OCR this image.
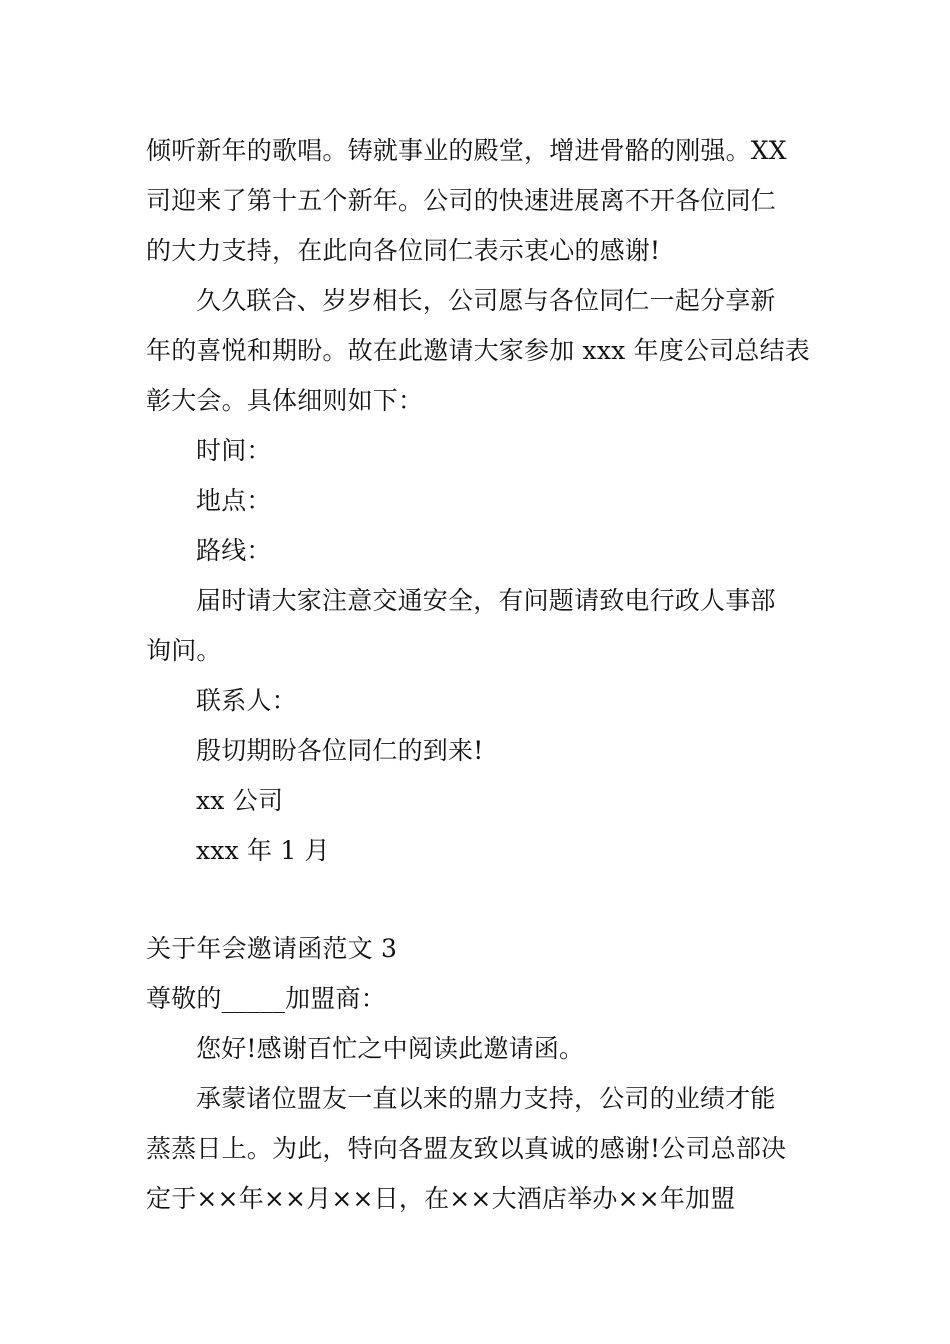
倾听新年的歌唱。铸就事业的殿堂，增进骨骼的刚强。XX
司迎来了第十五个新年。公司的快速进展离不开各位同仁
的大力支持，在此向各位同仁表示衷心的感谢!
久久联合、岁岁相长，公司愿与各位同仁一起分享新
年的喜悦和期盼。故在此邀请大家参加 xxx 年度公司总结表
彰大会。具体细则如下：
时间：
地点：
路线：
届时请大家注意交通安全，有问题请致电行政人事部
询问。
联系人：
殷切期盼各位同仁的到来!
xx 公司
xxx 年 1 月
关于年会邀请函范文 3
尊敬的_____加盟商：
您好!感谢百忙之中阅读此邀请函。
承蒙诸位盟友一直以来的鼎力支持，公司的业绩才能
蒸蒸日上。为此，特向各盟友致以真诚的感谢!公司总部决
定于××年××月××日，在××大酒店举办××年加盟
